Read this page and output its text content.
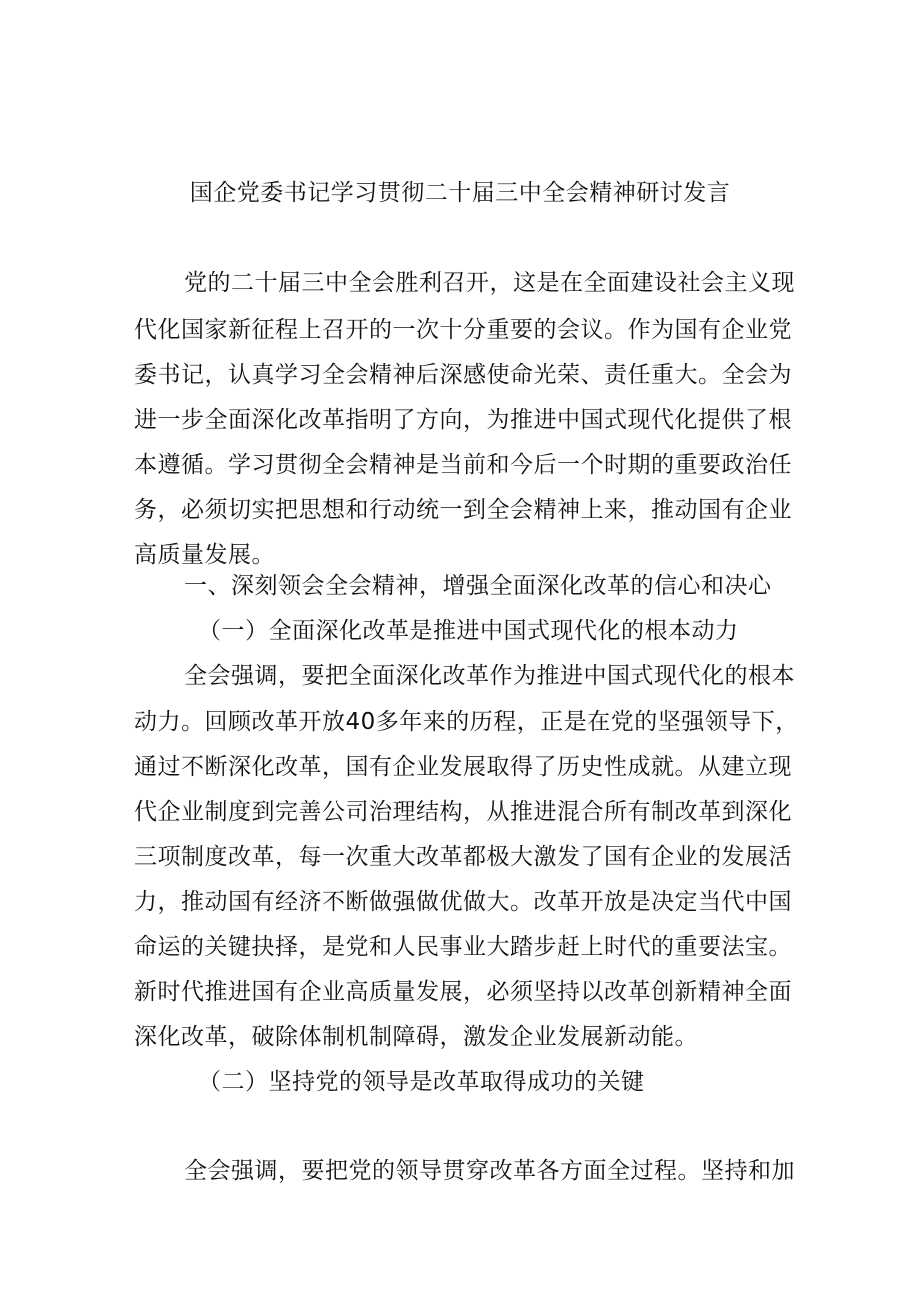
国企党委书记学习贯彻二十届三中全会精神研讨发言
党的二十届三中全会胜利召开，这是在全面建设社会主义现
代化国家新征程上召开的一次十分重要的会议。作为国有企业党
委书记，认真学习全会精神后深感使命光荣、责任重大。全会为
进一步全面深化改革指明了方向，为推进中国式现代化提供了根
本遵循。学习贯彻全会精神是当前和今后一个时期的重要政治任
务，必须切实把思想和行动统一到全会精神上来，推动国有企业
高质量发展。
一、深刻领会全会精神，增强全面深化改革的信心和决心
（一）全面深化改革是推进中国式现代化的根本动力
全会强调，要把全面深化改革作为推进中国式现代化的根本
动力。回顾改革开放40多年来的历程，正是在党的坚强领导下，
通过不断深化改革，国有企业发展取得了历史性成就。从建立现
代企业制度到完善公司治理结构，从推进混合所有制改革到深化
三项制度改革，每一次重大改革都极大激发了国有企业的发展活
力，推动国有经济不断做强做优做大。改革开放是决定当代中国
命运的关键抉择，是党和人民事业大踏步赶上时代的重要法宝。
新时代推进国有企业高质量发展，必须坚持以改革创新精神全面
深化改革，破除体制机制障碍，激发企业发展新动能。
（二）坚持党的领导是改革取得成功的关键
全会强调，要把党的领导贯穿改革各方面全过程。坚持和加
